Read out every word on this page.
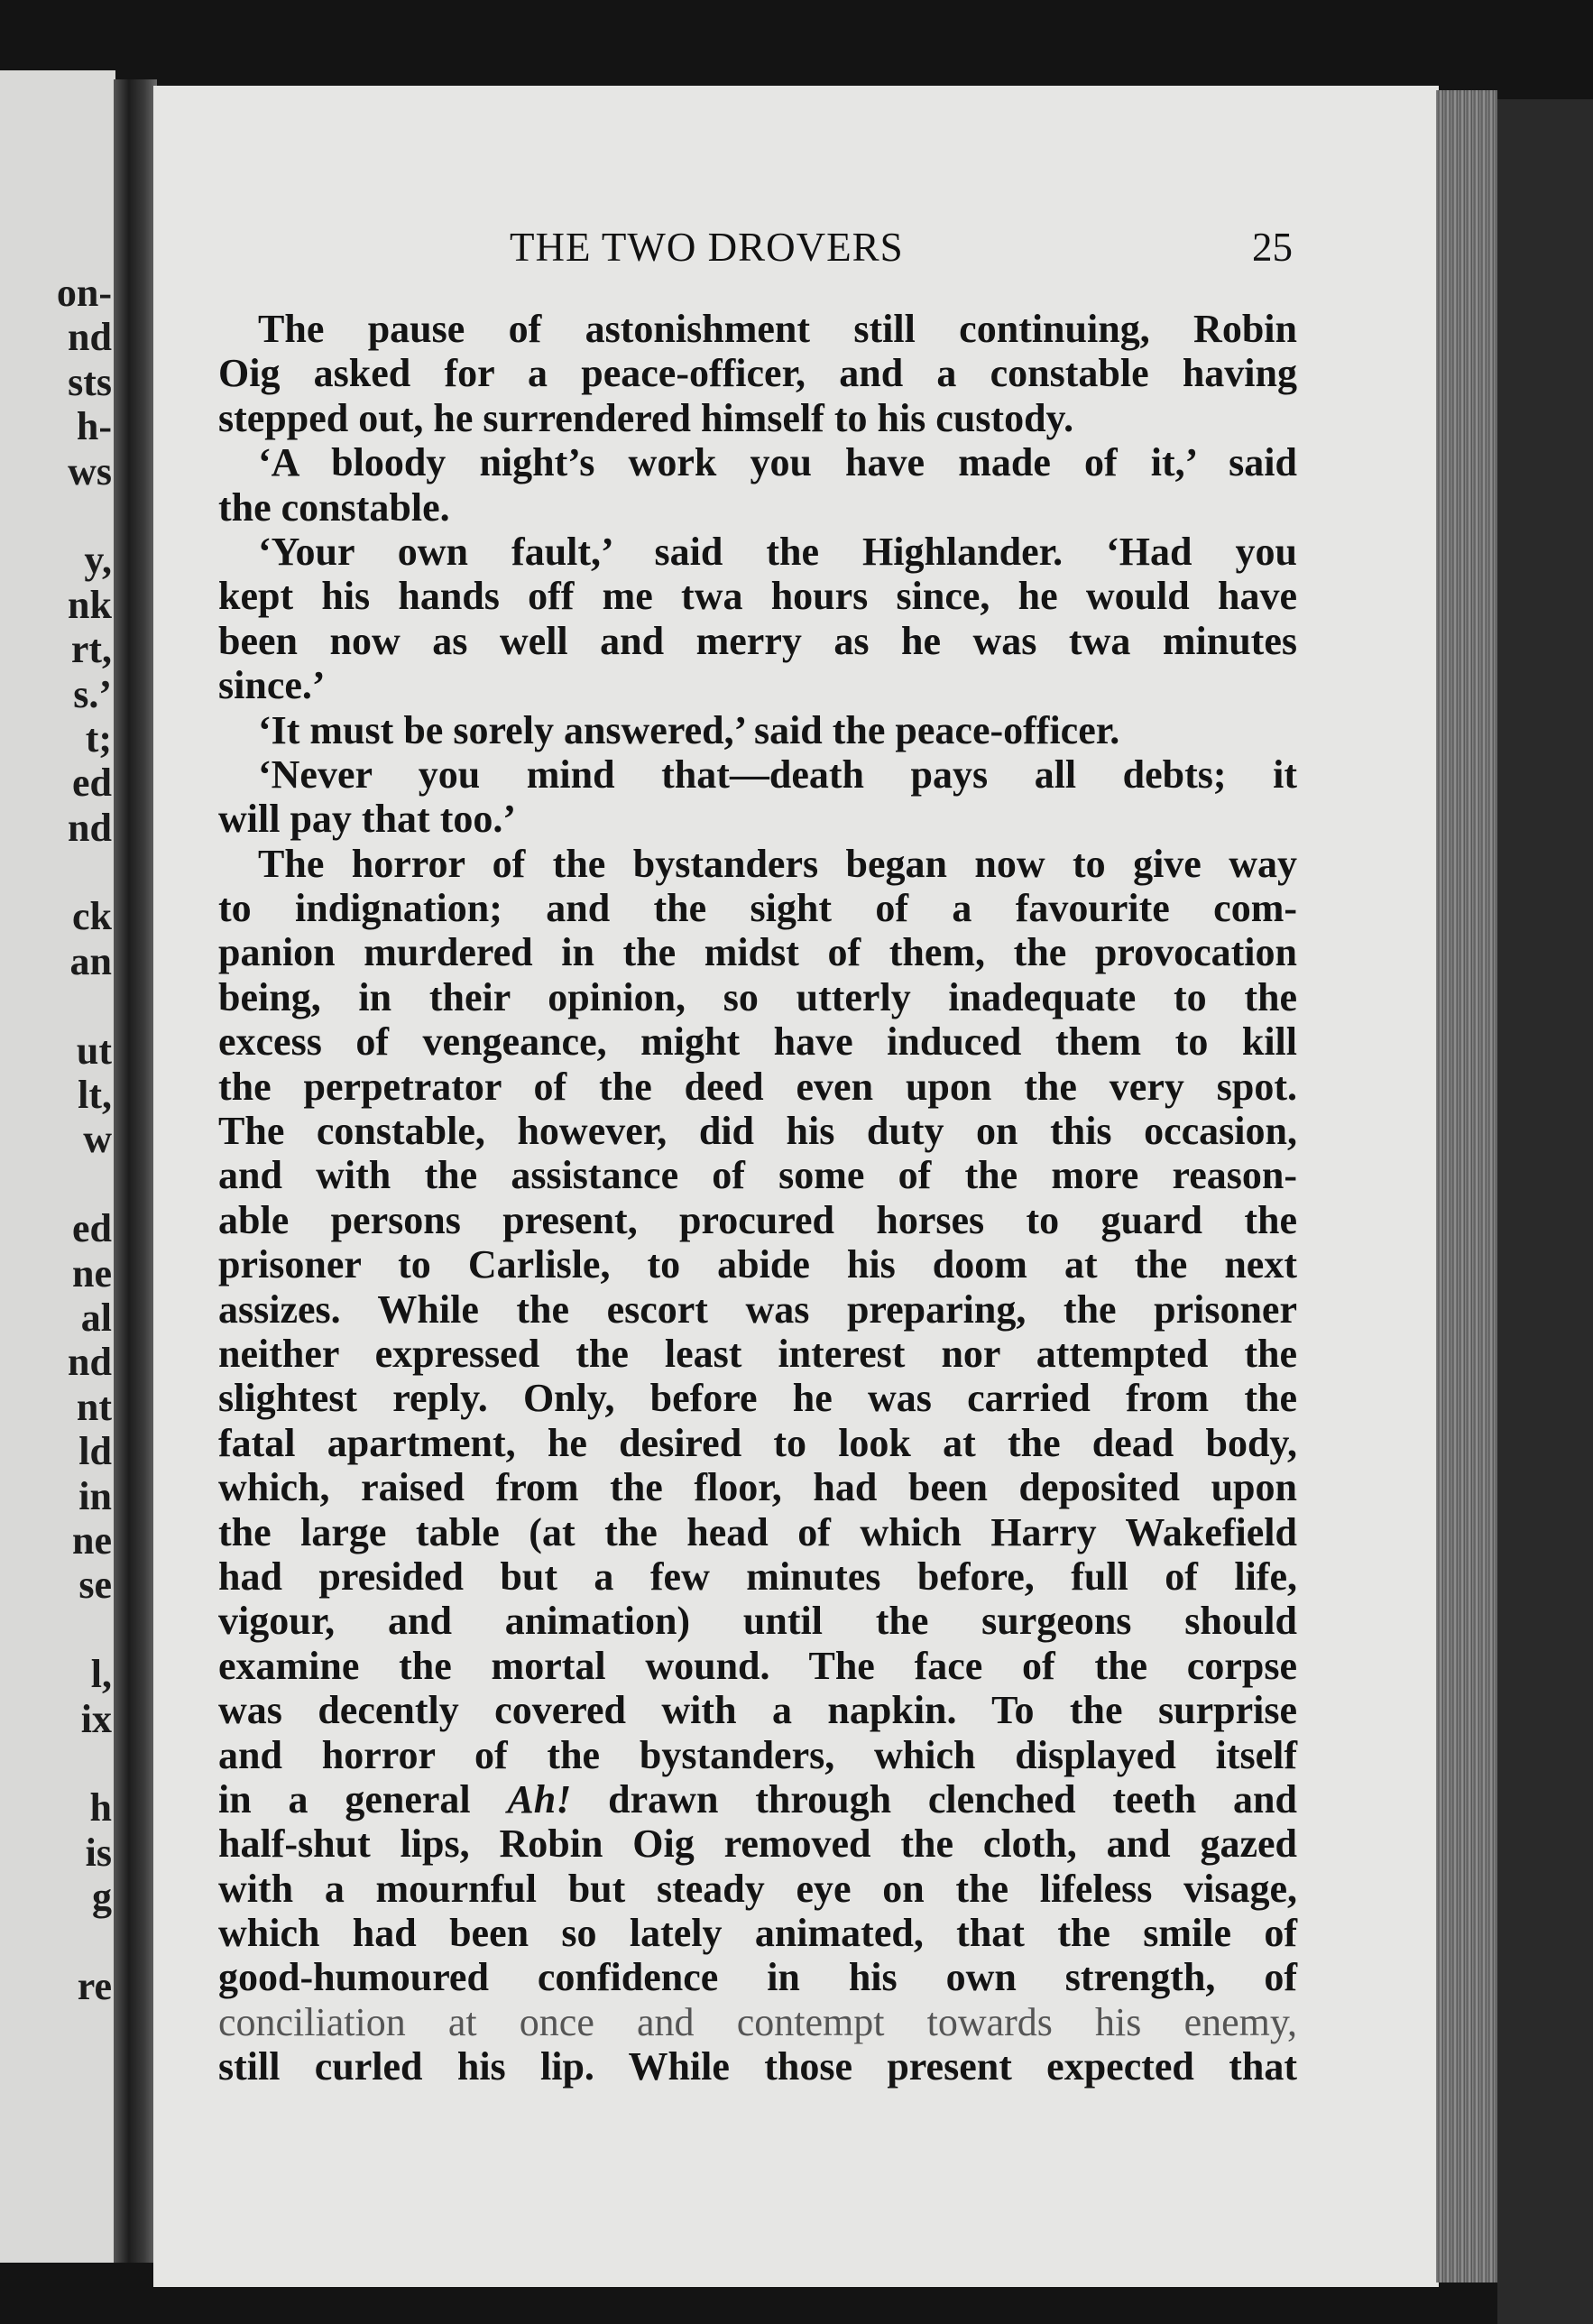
on-
nd
sts
h-
ws
y,
nk
rt,
s.’
t;
ed
nd
ck
an
ut
lt,
w
ed
ne
al
nd
nt
ld
in
ne
se
l,
ix
h
is
g
re
THE TWO DROVERS	25
The pause of astonishment still continuing, Robin
Oig asked for a peace-officer, and a constable having
stepped out, he surrendered himself to his custody.
‘A bloody night’s work you have made of it,’ said
the constable.
‘Your own fault,’ said the Highlander. ‘Had you
kept his hands off me twa hours since, he would have
been now as well and merry as he was twa minutes
since.’
‘It must be sorely answered,’ said the peace-officer.
‘Never you mind that—death pays all debts; it
will pay that too.’
The horror of the bystanders began now to give way
to indignation; and the sight of a favourite com-
panion murdered in the midst of them, the provocation
being, in their opinion, so utterly inadequate to the
excess of vengeance, might have induced them to kill
the perpetrator of the deed even upon the very spot.
The constable, however, did his duty on this occasion,
and with the assistance of some of the more reason-
able persons present, procured horses to guard the
prisoner to Carlisle, to abide his doom at the next
assizes. While the escort was preparing, the prisoner
neither expressed the least interest nor attempted the
slightest reply. Only, before he was carried from the
fatal apartment, he desired to look at the dead body,
which, raised from the floor, had been deposited upon
the large table (at the head of which Harry Wakefield
had presided but a few minutes before, full of life,
vigour, and animation) until the surgeons should
examine the mortal wound. The face of the corpse
was decently covered with a napkin. To the surprise
and horror of the bystanders, which displayed itself
in a general Ah! drawn through clenched teeth and
half-shut lips, Robin Oig removed the cloth, and gazed
with a mournful but steady eye on the lifeless visage,
which had been so lately animated, that the smile of
good-humoured confidence in his own strength, of
conciliation at once and contempt towards his enemy,
still curled his lip. While those present expected that
